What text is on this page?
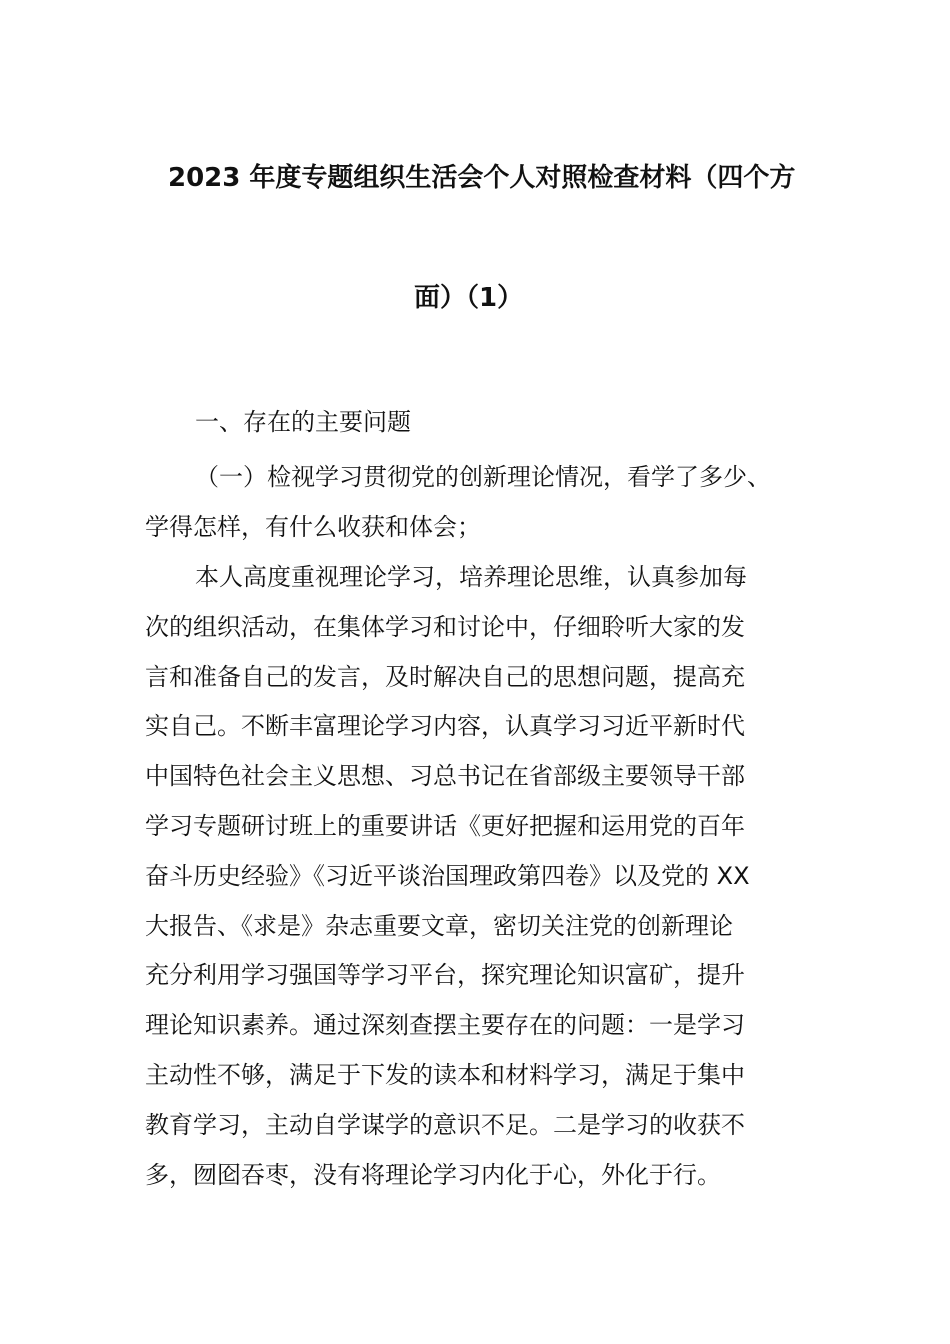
2023 年度专题组织生活会个人对照检查材料（四个方
面）（1）
一、存在的主要问题
（一）检视学习贯彻党的创新理论情况，看学了多少、
学得怎样，有什么收获和体会；
本人高度重视理论学习，培养理论思维，认真参加每
次的组织活动，在集体学习和讨论中，仔细聆听大家的发
言和准备自己的发言，及时解决自己的思想问题，提高充
实自己。不断丰富理论学习内容，认真学习习近平新时代
中国特色社会主义思想、习总书记在省部级主要领导干部
学习专题研讨班上的重要讲话《更好把握和运用党的百年
奋斗历史经验》《习近平谈治国理政第四卷》以及党的 XX
大报告、《求是》杂志重要文章，密切关注党的创新理论
充分利用学习强国等学习平台，探究理论知识富矿，提升
理论知识素养。通过深刻查摆主要存在的问题：一是学习
主动性不够，满足于下发的读本和材料学习，满足于集中
教育学习，主动自学谋学的意识不足。二是学习的收获不
多，囫囵吞枣，没有将理论学习内化于心，外化于行。
